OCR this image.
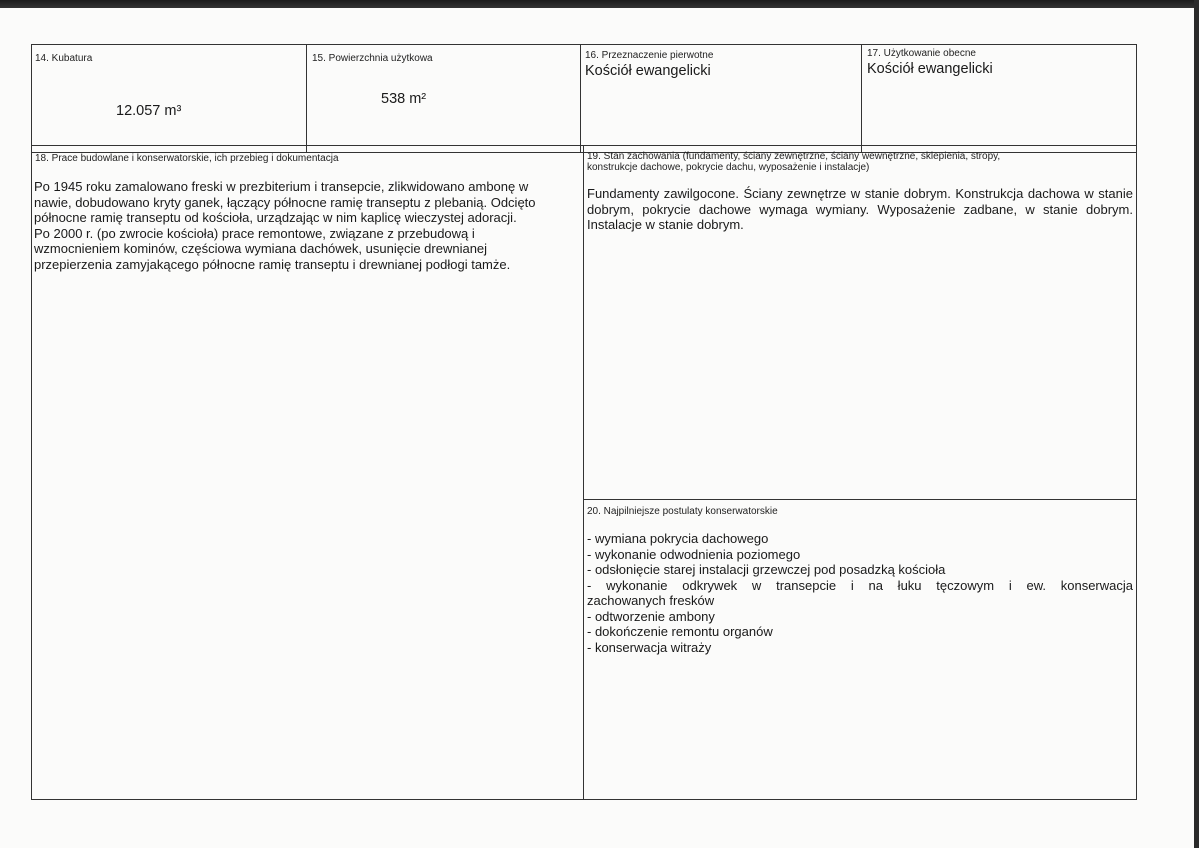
14. Kubatura
12.057 m³
15. Powierzchnia użytkowa
538 m²
16. Przeznaczenie pierwotne
Kościół ewangelicki
17. Użytkowanie obecne
Kościół ewangelicki
18. Prace budowlane i konserwatorskie, ich przebieg i dokumentacja
Po 1945 roku zamalowano freski w prezbiterium i transepcie, zlikwidowano ambonę w
nawie, dobudowano kryty ganek, łączący północne ramię transeptu z plebanią. Odcięto
północne ramię transeptu od kościoła, urządzając w nim kaplicę wieczystej adoracji.
Po 2000 r. (po zwrocie kościoła) prace remontowe, związane z przebudową i
wzmocnieniem kominów, częściowa wymiana dachówek, usunięcie drewnianej
przepierzenia zamyjakącego północne ramię transeptu i drewnianej podłogi tamże.
19. Stan zachowania (fundamenty, ściany zewnętrzne, ściany wewnętrzne, sklepienia, stropy,
konstrukcje dachowe, pokrycie dachu, wyposażenie i instalacje)
Fundamenty zawilgocone. Ściany zewnętrze w stanie dobrym. Konstrukcja dachowa w stanie dobrym, pokrycie dachowe wymaga wymiany. Wyposażenie zadbane, w stanie dobrym. Instalacje w stanie dobrym.
20. Najpilniejsze postulaty konserwatorskie
- wymiana pokrycia dachowego
- wykonanie odwodnienia poziomego
- odsłonięcie starej instalacji grzewczej pod posadzką kościoła
- wykonanie odkrywek w transepcie i na łuku tęczowym i ew. konserwacja
zachowanych fresków
- odtworzenie ambony
- dokończenie remontu organów
- konserwacja witraży
